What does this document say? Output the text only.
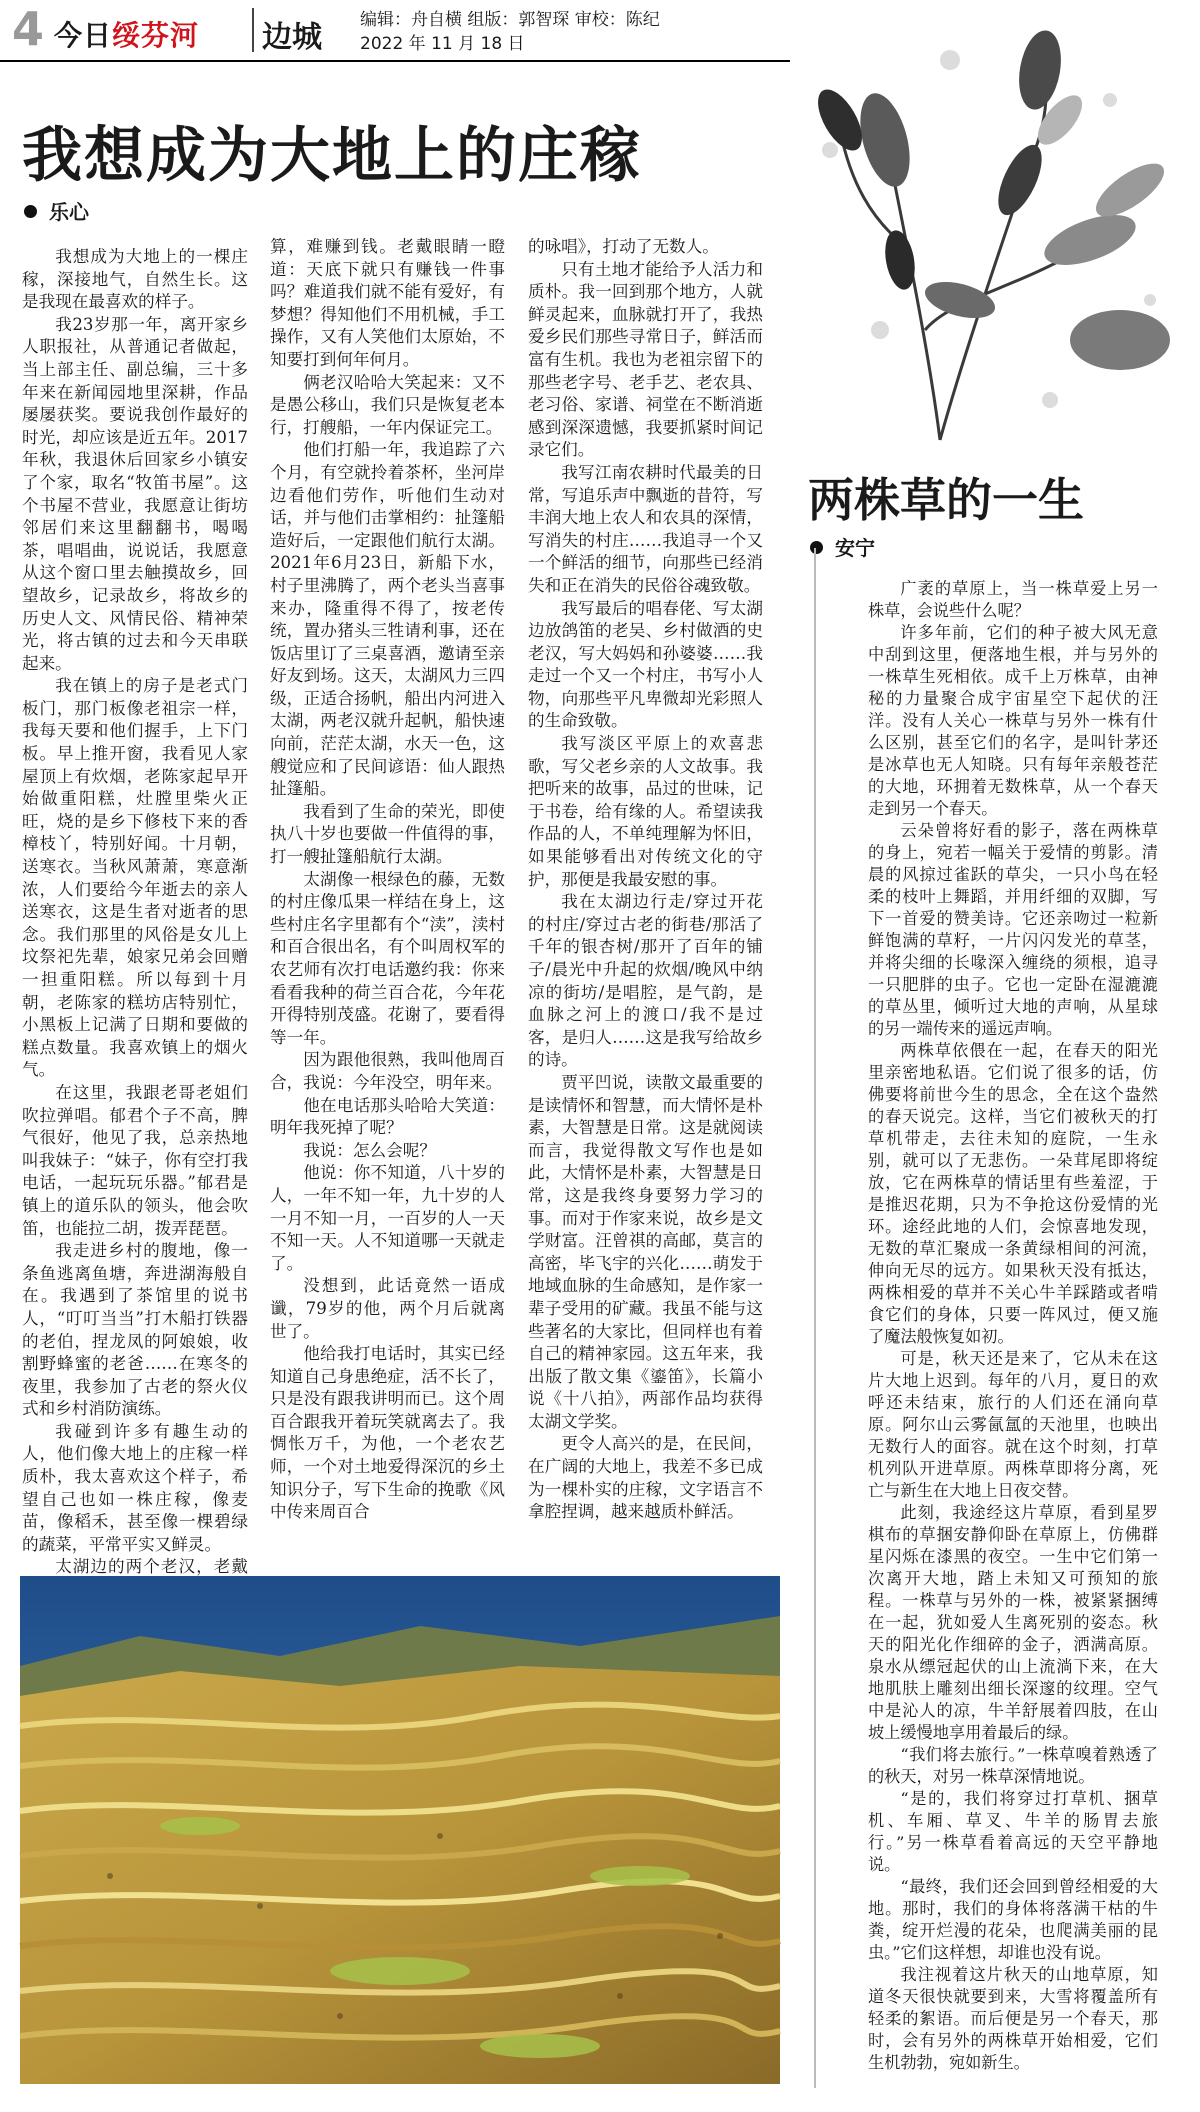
4 今日绥芬河 边城 编辑：舟自横 组版：郭智琛 审校：陈纪
2022 年 11 月 18 日
我想成为大地上的庄稼
乐心

我想成为大地上的一棵庄稼，深接地气，自然生长。这是我现在最喜欢的样子。

我23岁那一年，离开家乡人职报社，从普通记者做起，当上部主任、副总编，三十多年来在新闻园地里深耕，作品屡屡获奖。要说我创作最好的时光，却应该是近五年。2017年秋，我退休后回家乡小镇安了个家，取名“牧笛书屋”。这个书屋不营业，我愿意让街坊邻居们来这里翻翻书，喝喝茶，唱唱曲，说说话，我愿意从这个窗口里去触摸故乡，回望故乡，记录故乡，将故乡的历史人文、风情民俗、精神荣光，将古镇的过去和今天串联起来。

我在镇上的房子是老式门板门，那门板像老祖宗一样，我每天要和他们握手，上下门板。早上推开窗，我看见人家屋顶上有炊烟，老陈家起早开始做重阳糕，灶膛里柴火正旺，烧的是乡下修枝下来的香樟枝丫，特别好闻。十月朝，送寒衣。当秋风萧萧，寒意渐浓，人们要给今年逝去的亲人送寒衣，这是生者对逝者的思念。我们那里的风俗是女儿上坟祭祀先辈，娘家兄弟会回赠一担重阳糕。所以每到十月朝，老陈家的糕坊店特别忙，小黑板上记满了日期和要做的糕点数量。我喜欢镇上的烟火气。

在这里，我跟老哥老姐们吹拉弹唱。郁君个子不高，脾气很好，他见了我，总亲热地叫我妹子：“妹子，你有空打我电话，一起玩玩乐器。”郁君是镇上的道乐队的领头，他会吹笛，也能拉二胡，拨弄琵琶。

我走进乡村的腹地，像一条鱼逃离鱼塘，奔进湖海般自在。我遇到了茶馆里的说书人，“叮叮当当”打木船打铁器的老伯，捏龙凤的阿娘娘，收割野蜂蜜的老爸……在寒冬的夜里，我参加了古老的祭火仪式和乡村消防演练。

我碰到许多有趣生动的人，他们像大地上的庄稼一样质朴，我太喜欢这个样子，希望自己也如一株庄稼，像麦苗，像稻禾，甚至像一棵碧绿的蔬菜，平常平实又鲜灵。

太湖边的两个老汉，老戴

算，难赚到钱。老戴眼睛一瞪道：天底下就只有赚钱一件事吗？难道我们就不能有爱好，有梦想？得知他们不用机械，手工操作，又有人笑他们太原始，不知要打到何年何月。

俩老汉哈哈大笑起来：又不是愚公移山，我们只是恢复老本行，打艘船，一年内保证完工。

他们打船一年，我追踪了六个月，有空就拎着茶杯，坐河岸边看他们劳作，听他们生动对话，并与他们击掌相约：扯篷船造好后，一定跟他们航行太湖。2021年6月23日，新船下水，村子里沸腾了，两个老头当喜事来办，隆重得不得了，按老传统，置办猪头三牲请利事，还在饭店里订了三桌喜酒，邀请至亲好友到场。这天，太湖风力三四级，正适合扬帆，船出内河进入太湖，两老汉就升起帆，船快速向前，茫茫太湖，水天一色，这艘觉应和了民间谚语：仙人跟热扯篷船。

我看到了生命的荣光，即使执八十岁也要做一件值得的事，打一艘扯篷船航行太湖。

太湖像一根绿色的藤，无数的村庄像瓜果一样结在身上，这些村庄名字里都有个“渎”，渎村和百合很出名，有个叫周权军的农艺师有次打电话邀约我：你来看看我种的荷兰百合花，今年花开得特别茂盛。花谢了，要看得等一年。

因为跟他很熟，我叫他周百合，我说：今年没空，明年来。

他在电话那头哈哈大笑道：明年我死掉了呢？

我说：怎么会呢？

他说：你不知道，八十岁的人，一年不知一年，九十岁的人一月不知一月，一百岁的人一天不知一天。人不知道哪一天就走了。

没想到，此话竟然一语成谶，79岁的他，两个月后就离世了。

他给我打电话时，其实已经知道自己身患绝症，活不长了，只是没有跟我讲明而已。这个周百合跟我开着玩笑就离去了。我惆怅万千，为他，一个老农艺师，一个对土地爱得深沉的乡土知识分子，写下生命的挽歌《风中传来周百合

的咏唱》，打动了无数人。

只有土地才能给予人活力和质朴。我一回到那个地方，人就鲜灵起来，血脉就打开了，我热爱乡民们那些寻常日子，鲜活而富有生机。我也为老祖宗留下的那些老字号、老手艺、老农具、老习俗、家谱、祠堂在不断消逝感到深深遗憾，我要抓紧时间记录它们。

我写江南农耕时代最美的日常，写追乐声中飘逝的昔符，写丰润大地上农人和农具的深情，写消失的村庄……我追寻一个又一个鲜活的细节，向那些已经消失和正在消失的民俗谷魂致敬。

我写最后的唱春佬、写太湖边放鸽笛的老吴、乡村做酒的史老汉，写大妈妈和孙婆婆……我走过一个又一个村庄，书写小人物，向那些平凡卑微却光彩照人的生命致敬。

我写淡区平原上的欢喜悲歌，写父老乡亲的人文故事。我把听来的故事，品过的世味，记于书卷，给有缘的人。希望读我作品的人，不单纯理解为怀旧，如果能够看出对传统文化的守护，那便是我最安慰的事。

我在太湖边行走/穿过开花的村庄/穿过古老的街巷/那活了千年的银杏树/那开了百年的铺子/晨光中升起的炊烟/晚风中纳凉的街坊/是唱腔，是气韵，是血脉之河上的渡口/我不是过客，是归人……这是我写给故乡的诗。

贾平凹说，读散文最重要的是读情怀和智慧，而大情怀是朴素，大智慧是日常。这是就阅读而言，我觉得散文写作也是如此，大情怀是朴素，大智慧是日常，这是我终身要努力学习的事。而对于作家来说，故乡是文学财富。汪曾祺的高邮，莫言的高密，毕飞宇的兴化……萌发于地域血脉的生命感知，是作家一辈子受用的矿藏。我虽不能与这些著名的大家比，但同样也有着自己的精神家园。这五年来，我出版了散文集《鎏笛》，长篇小说《十八拍》，两部作品均获得太湖文学奖。

更令人高兴的是，在民间，在广阔的大地上，我差不多已成为一棵朴实的庄稼，文字语言不拿腔捏调，越来越质朴鲜活。

两株草的一生
安宁

广袤的草原上，当一株草爱上另一株草，会说些什么呢？

许多年前，它们的种子被大风无意中刮到这里，便落地生根，并与另外的一株草生死相依。成千上万株草，由神秘的力量聚合成宇宙星空下起伏的汪洋。没有人关心一株草与另外一株有什么区别，甚至它们的名字，是叫针茅还是冰草也无人知晓。只有每年亲般苍茫的大地，环拥着无数株草，从一个春天走到另一个春天。

云朵曾将好看的影子，落在两株草的身上，宛若一幅关于爱情的剪影。清晨的风掠过雀跃的草尖，一只小鸟在轻柔的枝叶上舞蹈，并用纤细的双脚，写下一首爱的赞美诗。它还亲吻过一粒新鲜饱满的草籽，一片闪闪发光的草茎，并将尖细的长喙深入缠绕的须根，追寻一只肥胖的虫子。它也一定卧在湿漉漉的草丛里，倾听过大地的声响，从星球的另一端传来的遥远声响。

两株草依偎在一起，在春天的阳光里亲密地私语。它们说了很多的话，仿佛要将前世今生的思念，全在这个盎然的春天说完。这样，当它们被秋天的打草机带走，去往未知的庭院，一生永别，就可以了无悲伤。一朵茸尾即将绽放，它在两株草的情话里有些羞涩，于是推迟花期，只为不争抢这份爱情的光环。途经此地的人们，会惊喜地发现，无数的草汇聚成一条黄绿相间的河流，伸向无尽的远方。如果秋天没有抵达，两株相爱的草并不关心牛羊踩踏或者啃食它们的身体，只要一阵风过，便又施了魔法般恢复如初。

可是，秋天还是来了，它从未在这片大地上迟到。每年的八月，夏日的欢呼还未结束，旅行的人们还在涌向草原。阿尔山云雾氤氲的天池里，也映出无数行人的面容。就在这个时刻，打草机列队开进草原。两株草即将分离，死亡与新生在大地上日夜交替。

此刻，我途经这片草原，看到星罗棋布的草捆安静仰卧在草原上，仿佛群星闪烁在漆黑的夜空。一生中它们第一次离开大地，踏上未知又可预知的旅程。一株草与另外的一株，被紧紧捆缚在一起，犹如爱人生离死别的姿态。秋天的阳光化作细碎的金子，洒满高原。泉水从缥冠起伏的山上流淌下来，在大地肌肤上雕刻出细长深邃的纹理。空气中是沁人的凉，牛羊舒展着四肢，在山坡上缓慢地享用着最后的绿。

“我们将去旅行。”一株草嗅着熟透了的秋天，对另一株草深情地说。

“是的，我们将穿过打草机、捆草机、车厢、草叉、牛羊的肠胃去旅行。”另一株草看着高远的天空平静地说。

“最终，我们还会回到曾经相爱的大地。那时，我们的身体将落满干枯的牛粪，绽开烂漫的花朵，也爬满美丽的昆虫。”它们这样想，却谁也没有说。

我注视着这片秋天的山地草原，知道冬天很快就要到来，大雪将覆盖所有轻柔的絮语。而后便是另一个春天，那时，会有另外的两株草开始相爱，它们生机勃勃，宛如新生。
